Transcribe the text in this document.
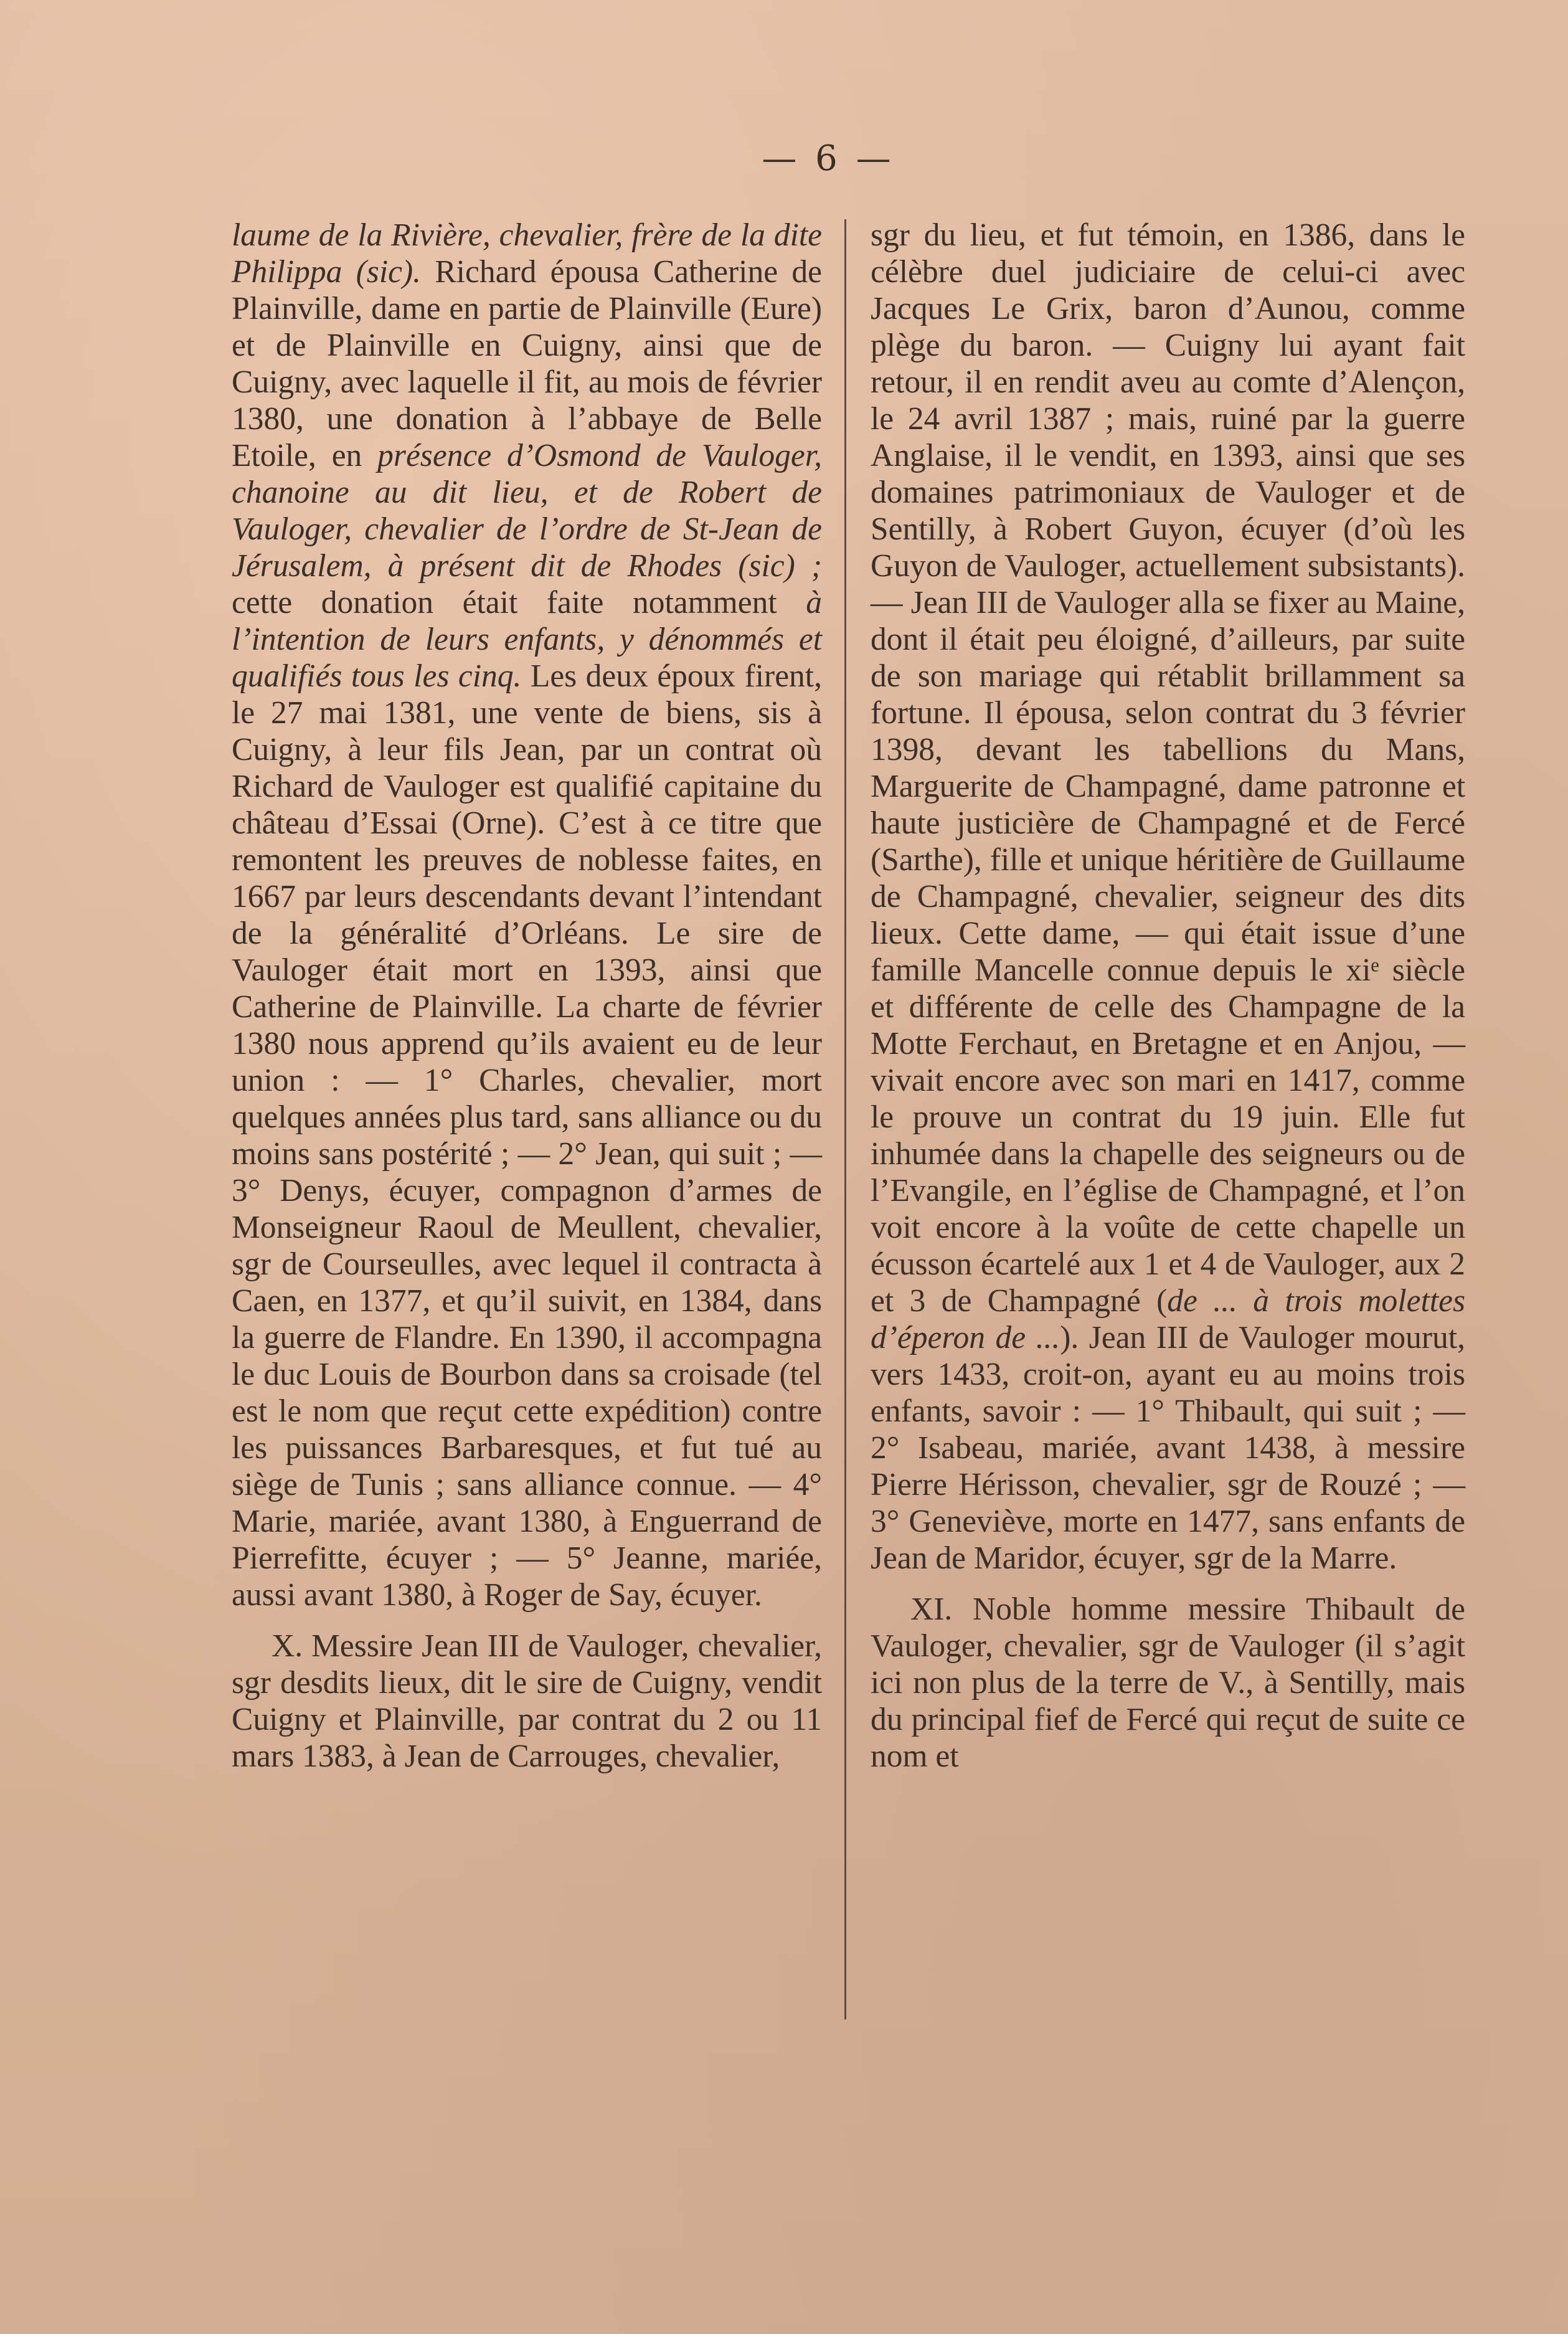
— 6 —

laume de la Rivière, chevalier, frère de la dite Philippa (sic). Richard épousa Catherine de Plainville, dame en partie de Plainville (Eure) et de Plainville en Cuigny, ainsi que de Cuigny, avec laquelle il fit, au mois de février 1380, une donation à l’abbaye de Belle Etoile, en présence d’Osmond de Vauloger, chanoine au dit lieu, et de Robert de Vauloger, chevalier de l’ordre de St-Jean de Jérusalem, à présent dit de Rhodes (sic) ; cette donation était faite notamment à l’intention de leurs enfants, y dénommés et qualifiés tous les cinq. Les deux époux firent, le 27 mai 1381, une vente de biens, sis à Cuigny, à leur fils Jean, par un contrat où Richard de Vauloger est qualifié capitaine du château d’Essai (Orne). C’est à ce titre que remontent les preuves de noblesse faites, en 1667 par leurs descendants devant l’intendant de la généralité d’Orléans. Le sire de Vauloger était mort en 1393, ainsi que Catherine de Plainville. La charte de février 1380 nous apprend qu’ils avaient eu de leur union : — 1° Charles, chevalier, mort quelques années plus tard, sans alliance ou du moins sans postérité ; — 2° Jean, qui suit ; — 3° Denys, écuyer, compagnon d’armes de Monseigneur Raoul de Meullent, chevalier, sgr de Courseulles, avec lequel il contracta à Caen, en 1377, et qu’il suivit, en 1384, dans la guerre de Flandre. En 1390, il accompagna le duc Louis de Bourbon dans sa croisade (tel est le nom que reçut cette expédition) contre les puissances Barbaresques, et fut tué au siège de Tunis ; sans alliance connue. — 4° Marie, mariée, avant 1380, à Enguerrand de Pierrefitte, écuyer ; — 5° Jeanne, mariée, aussi avant 1380, à Roger de Say, écuyer.

X. Messire Jean III de Vauloger, chevalier, sgr desdits lieux, dit le sire de Cuigny, vendit Cuigny et Plainville, par contrat du 2 ou 11 mars 1383, à Jean de Carrouges, chevalier,

sgr du lieu, et fut témoin, en 1386, dans le célèbre duel judiciaire de celui-ci avec Jacques Le Grix, baron d’Aunou, comme plège du baron. — Cuigny lui ayant fait retour, il en rendit aveu au comte d’Alençon, le 24 avril 1387 ; mais, ruiné par la guerre Anglaise, il le vendit, en 1393, ainsi que ses domaines patrimoniaux de Vauloger et de Sentilly, à Robert Guyon, écuyer (d’où les Guyon de Vauloger, actuellement subsistants). — Jean III de Vauloger alla se fixer au Maine, dont il était peu éloigné, d’ailleurs, par suite de son mariage qui rétablit brillamment sa fortune. Il épousa, selon contrat du 3 février 1398, devant les tabellions du Mans, Marguerite de Champagné, dame patronne et haute justicière de Champagné et de Fercé (Sarthe), fille et unique héritière de Guillaume de Champagné, chevalier, seigneur des dits lieux. Cette dame, — qui était issue d’une famille Mancelle connue depuis le xiᵉ siècle et différente de celle des Champagne de la Motte Ferchaut, en Bretagne et en Anjou, — vivait encore avec son mari en 1417, comme le prouve un contrat du 19 juin. Elle fut inhumée dans la chapelle des seigneurs ou de l’Evangile, en l’église de Champagné, et l’on voit encore à la voûte de cette chapelle un écusson écartelé aux 1 et 4 de Vauloger, aux 2 et 3 de Champagné (de ... à trois molettes d’éperon de ...). Jean III de Vauloger mourut, vers 1433, croit-on, ayant eu au moins trois enfants, savoir : — 1° Thibault, qui suit ; — 2° Isabeau, mariée, avant 1438, à messire Pierre Hérisson, chevalier, sgr de Rouzé ; — 3° Geneviève, morte en 1477, sans enfants de Jean de Maridor, écuyer, sgr de la Marre.

XI. Noble homme messire Thibault de Vauloger, chevalier, sgr de Vauloger (il s’agit ici non plus de la terre de V., à Sentilly, mais du principal fief de Fercé qui reçut de suite ce nom et
